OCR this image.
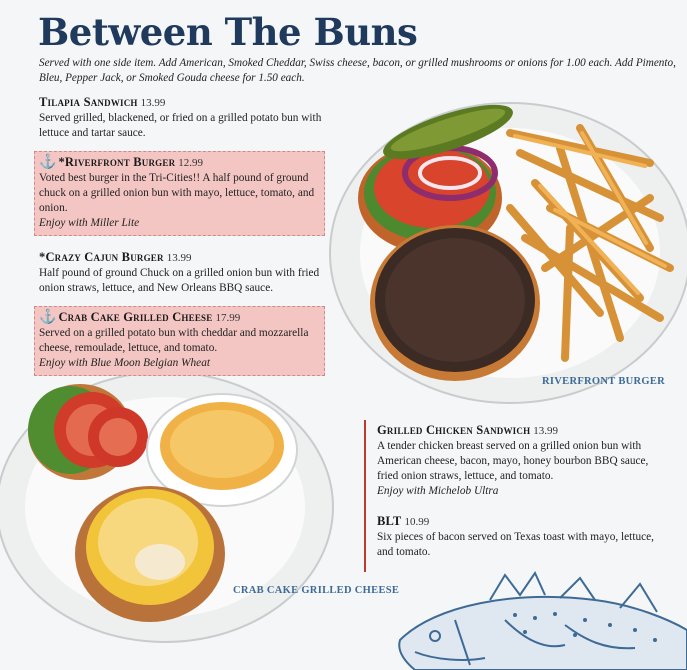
Between The Buns
Served with one side item. Add American, Smoked Cheddar, Swiss cheese, bacon, or grilled mushrooms or onions for 1.00 each. Add Pimento, Bleu, Pepper Jack, or Smoked Gouda cheese for 1.50 each.
Tilapia Sandwich 13.99
Served grilled, blackened, or fried on a grilled potato bun with lettuce and tartar sauce.
⚓ *Riverfront Burger 12.99
Voted best burger in the Tri-Cities!! A half pound of ground chuck on a grilled onion bun with mayo, lettuce, tomato, and onion.
Enjoy with Miller Lite
*Crazy Cajun Burger 13.99
Half pound of ground Chuck on a grilled onion bun with fried onion straws, lettuce, and New Orleans BBQ sauce.
⚓ Crab Cake Grilled Cheese 17.99
Served on a grilled potato bun with cheddar and mozzarella cheese, remoulade, lettuce, and tomato.
Enjoy with Blue Moon Belgian Wheat
RIVERFRONT BURGER
CRAB CAKE GRILLED CHEESE
Grilled Chicken Sandwich 13.99
A tender chicken breast served on a grilled onion bun with American cheese, bacon, mayo, honey bourbon BBQ sauce, fried onion straws, lettuce, and tomato.
Enjoy with Michelob Ultra
BLT 10.99
Six pieces of bacon served on Texas toast with mayo, lettuce, and tomato.
